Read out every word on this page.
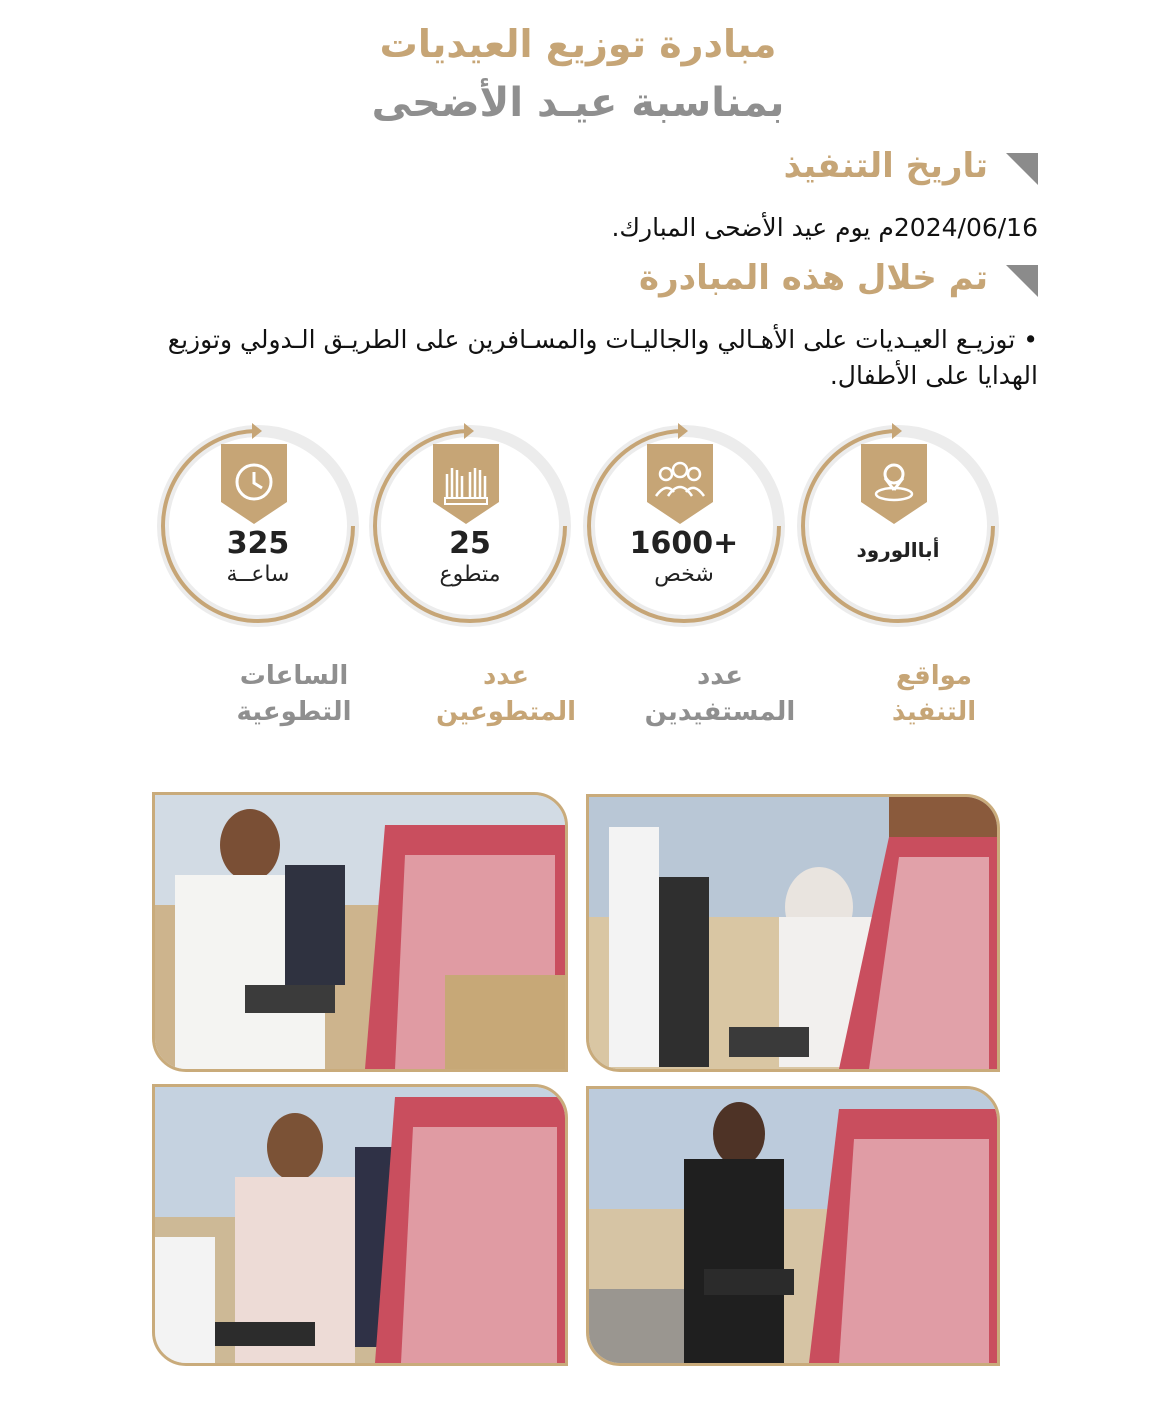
مبادرة توزيع العيديات
بمناسبة عيـد الأضحى
تاريخ التنفيذ
2024/06/16م يوم عيد الأضحى المبارك.
تم خلال هذه المبادرة
• توزيـع العيـديات على الأهـالي والجاليـات والمسـافرين على الطريـق الـدولي وتوزيع الهدايا على الأطفال.
أباالورود
مواقع
التنفيذ
+1600
شخص
عدد
المستفيدين
25
متطوع
عدد
المتطوعين
325
ساعــة
الساعات
التطوعية
